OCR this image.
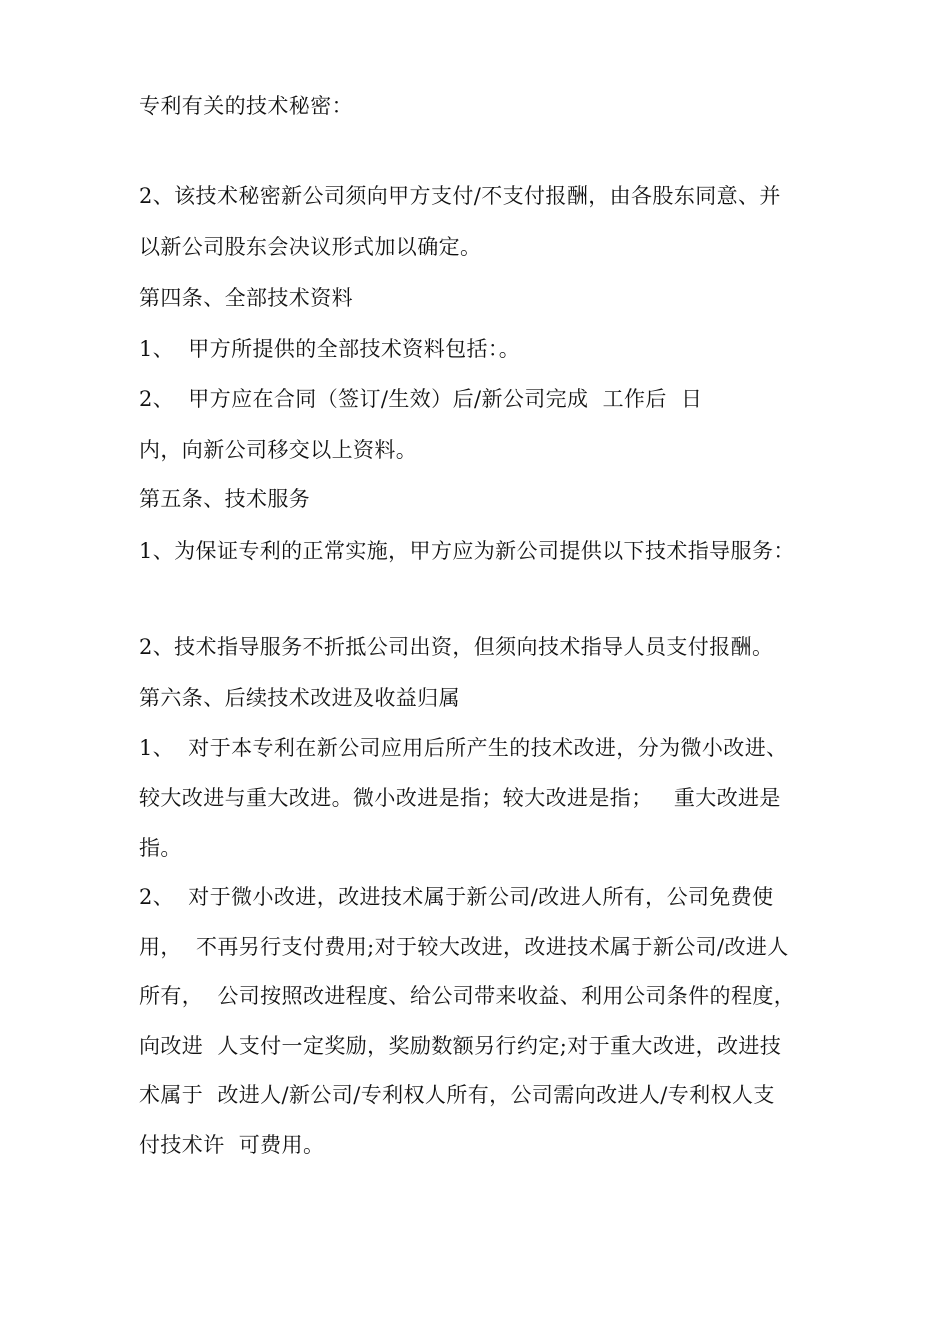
专利有关的技术秘密：
2、该技术秘密新公司须向甲方支付/不支付报酬，由各股东同意、并
以新公司股东会决议形式加以确定。
第四条、全部技术资料
1、  甲方所提供的全部技术资料包括：。
2、  甲方应在合同（签订/生效）后/新公司完成  工作后  日
内，向新公司移交以上资料。
第五条、技术服务
1、为保证专利的正常实施，甲方应为新公司提供以下技术指导服务：
2、技术指导服务不折抵公司出资，但须向技术指导人员支付报酬。
第六条、后续技术改进及收益归属
1、  对于本专利在新公司应用后所产生的技术改进，分为微小改进、
较大改进与重大改进。微小改进是指；较大改进是指；   重大改进是
指。
2、  对于微小改进，改进技术属于新公司/改进人所有，公司免费使
用，  不再另行支付费用;对于较大改进，改进技术属于新公司/改进人
所有，  公司按照改进程度、给公司带来收益、利用公司条件的程度，
向改进  人支付一定奖励，奖励数额另行约定;对于重大改进，改进技
术属于  改进人/新公司/专利权人所有，公司需向改进人/专利权人支
付技术许  可费用。
